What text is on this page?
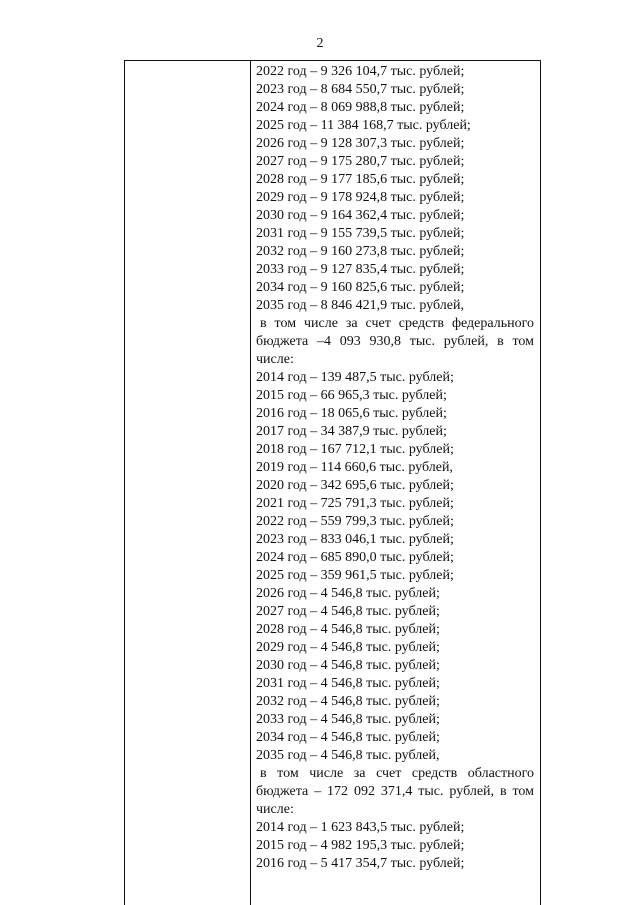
2
2022 год – 9 326 104,7 тыс. рублей;
2023 год – 8 684 550,7 тыс. рублей;
2024 год – 8 069 988,8 тыс. рублей;
2025 год – 11 384 168,7 тыс. рублей;
2026 год – 9 128 307,3 тыс. рублей;
2027 год – 9 175 280,7 тыс. рублей;
2028 год – 9 177 185,6 тыс. рублей;
2029 год – 9 178 924,8 тыс. рублей;
2030 год – 9 164 362,4 тыс. рублей;
2031 год – 9 155 739,5 тыс. рублей;
2032 год – 9 160 273,8 тыс. рублей;
2033 год – 9 127 835,4 тыс. рублей;
2034 год – 9 160 825,6 тыс. рублей;
2035 год – 8 846 421,9 тыс. рублей,
в том числе за счет средств федерального бюджета –4 093 930,8 тыс. рублей, в том числе:
2014 год – 139 487,5 тыс. рублей;
2015 год – 66 965,3 тыс. рублей;
2016 год – 18 065,6 тыс. рублей;
2017 год – 34 387,9 тыс. рублей;
2018 год – 167 712,1 тыс. рублей;
2019 год – 114 660,6 тыс. рублей,
2020 год – 342 695,6 тыс. рублей;
2021 год – 725 791,3 тыс. рублей;
2022 год – 559 799,3 тыс. рублей;
2023 год – 833 046,1 тыс. рублей;
2024 год – 685 890,0 тыс. рублей;
2025 год – 359 961,5 тыс. рублей;
2026 год – 4 546,8 тыс. рублей;
2027 год – 4 546,8 тыс. рублей;
2028 год – 4 546,8 тыс. рублей;
2029 год – 4 546,8 тыс. рублей;
2030 год – 4 546,8 тыс. рублей;
2031 год – 4 546,8 тыс. рублей;
2032 год – 4 546,8 тыс. рублей;
2033 год – 4 546,8 тыс. рублей;
2034 год – 4 546,8 тыс. рублей;
2035 год – 4 546,8 тыс. рублей,
в том числе за счет средств областного бюджета – 172 092 371,4 тыс. рублей, в том числе:
2014 год – 1 623 843,5 тыс. рублей;
2015 год – 4 982 195,3 тыс. рублей;
2016 год – 5 417 354,7 тыс. рублей;
